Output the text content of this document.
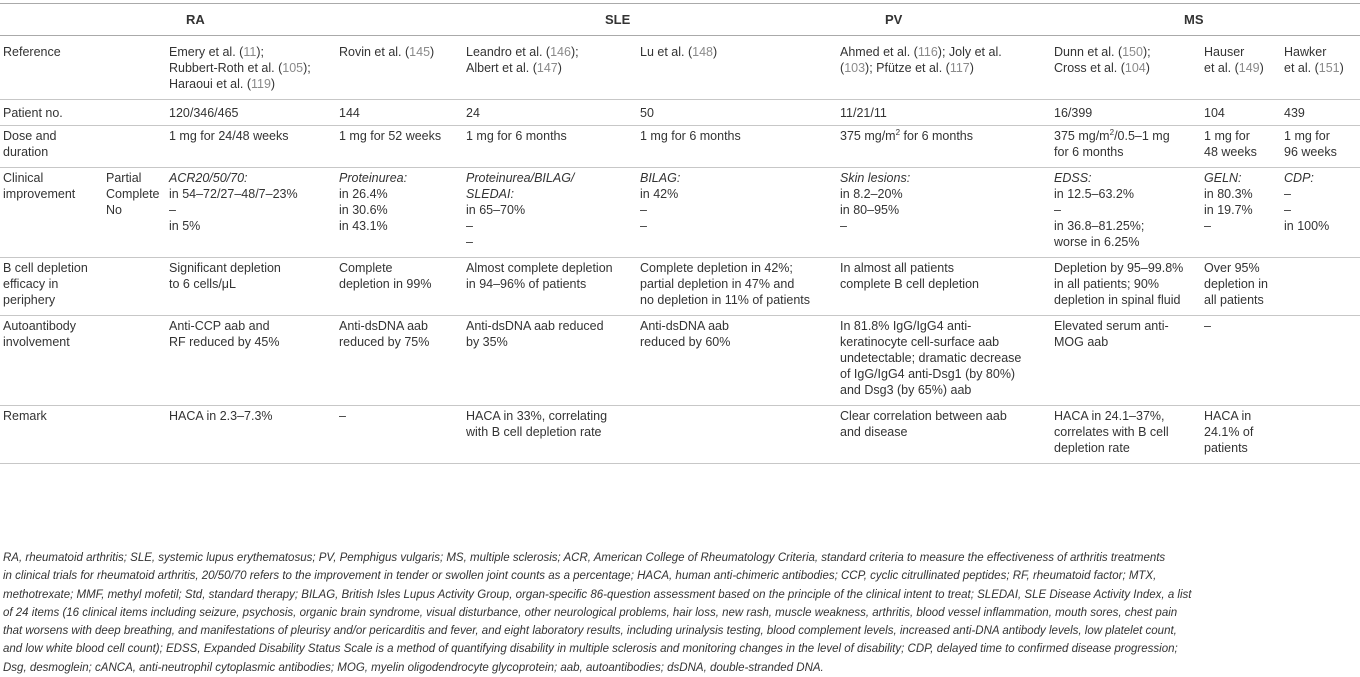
		RA		SLE		PV	MS		
Reference		Emery et al. (11);
Rubbert-Roth et al. (105);
Haraoui et al. (119)	Rovin et al. (145)	Leandro et al. (146);
Albert et al. (147)	Lu et al. (148)	Ahmed et al. (116); Joly et al.
(103); Pfütze et al. (117)	Dunn et al. (150);
Cross et al. (104)	Hauser
et al. (149)	Hawker
et al. (151)

Patient no.		120/346/465	144	24	50	11/21/11	16/399	104	439

Dose and
duration		1 mg for 24/48 weeks	1 mg for 52 weeks	1 mg for 6 months	1 mg for 6 months	375 $mg/m^2$ for 6 months	375 $mg/m^2/0.5-1$ mg
for 6 months	1 mg for
48 weeks	1 mg for
96 weeks

Clinical
improvement	Partial
Complete
No	ACR20/50/70:
in 54–72/27–48/7–23%
–
in 5%	Proteinurea:
in 26.4%
in 30.6%
in 43.1%	Proteinurea/BILAG/
SLEDAI:
in 65–70%
–
–	BILAG:
in 42%
–
–	Skin lesions:
in 8.2–20%
in 80–95%
–	EDSS:
in 12.5–63.2%
–
in 36.8–81.25%;
worse in 6.25%	GELN:
in 80.3%
in 19.7%
–	CDP:
–
–
in 100%

B cell depletion
efficacy in
periphery		Significant depletion
to 6 cells/μL	Complete
depletion in 99%	Almost complete depletion
in 94–96% of patients	Complete depletion in 42%;
partial depletion in 47% and
no depletion in 11% of patients	In almost all patients
complete B cell depletion	Depletion by 95–99.8%
in all patients; 90%
depletion in spinal fluid	Over 95%
depletion in
all patients	

Autoantibody
involvement		Anti-CCP aab and
RF reduced by 45%	Anti-dsDNA aab
reduced by 75%	Anti-dsDNA aab reduced
by 35%	Anti-dsDNA aab
reduced by 60%	In 81.8% IgG/IgG4 anti-
keratinocyte cell-surface aab
undetectable; dramatic decrease
of IgG/IgG4 anti-Dsg1 (by 80%)
and Dsg3 (by 65%) aab	Elevated serum anti-
MOG aab	–	
Remark		HACA in 2.3–7.3%	–	HACA in 33%, correlating
with B cell depletion rate		Clear correlation between aab
and disease	HACA in 24.1–37%,
correlates with B cell
depletion rate	HACA in
24.1% of
patients	

RA, rheumatoid arthritis; SLE, systemic lupus erythematosus; PV, Pemphigus vulgaris; MS, multiple sclerosis; ACR, American College of Rheumatology Criteria, standard criteria to measure the effectiveness of arthritis treatments
in clinical trials for rheumatoid arthritis, 20/50/70 refers to the improvement in tender or swollen joint counts as a percentage; HACA, human anti-chimeric antibodies; CCP, cyclic citrullinated peptides; RF, rheumatoid factor; MTX,
methotrexate; MMF, methyl mofetil; Std, standard therapy; BILAG, British Isles Lupus Activity Group, organ-specific 86-question assessment based on the principle of the clinical intent to treat; SLEDAI, SLE Disease Activity Index, a list
of 24 items (16 clinical items including seizure, psychosis, organic brain syndrome, visual disturbance, other neurological problems, hair loss, new rash, muscle weakness, arthritis, blood vessel inflammation, mouth sores, chest pain
that worsens with deep breathing, and manifestations of pleurisy and/or pericarditis and fever, and eight laboratory results, including urinalysis testing, blood complement levels, increased anti-DNA antibody levels, low platelet count,
and low white blood cell count); EDSS, Expanded Disability Status Scale is a method of quantifying disability in multiple sclerosis and monitoring changes in the level of disability; CDP, delayed time to confirmed disease progression;
Dsg, desmoglein; cANCA, anti-neutrophil cytoplasmic antibodies; MOG, myelin oligodendrocyte glycoprotein; aab, autoantibodies; dsDNA, double-stranded DNA.
